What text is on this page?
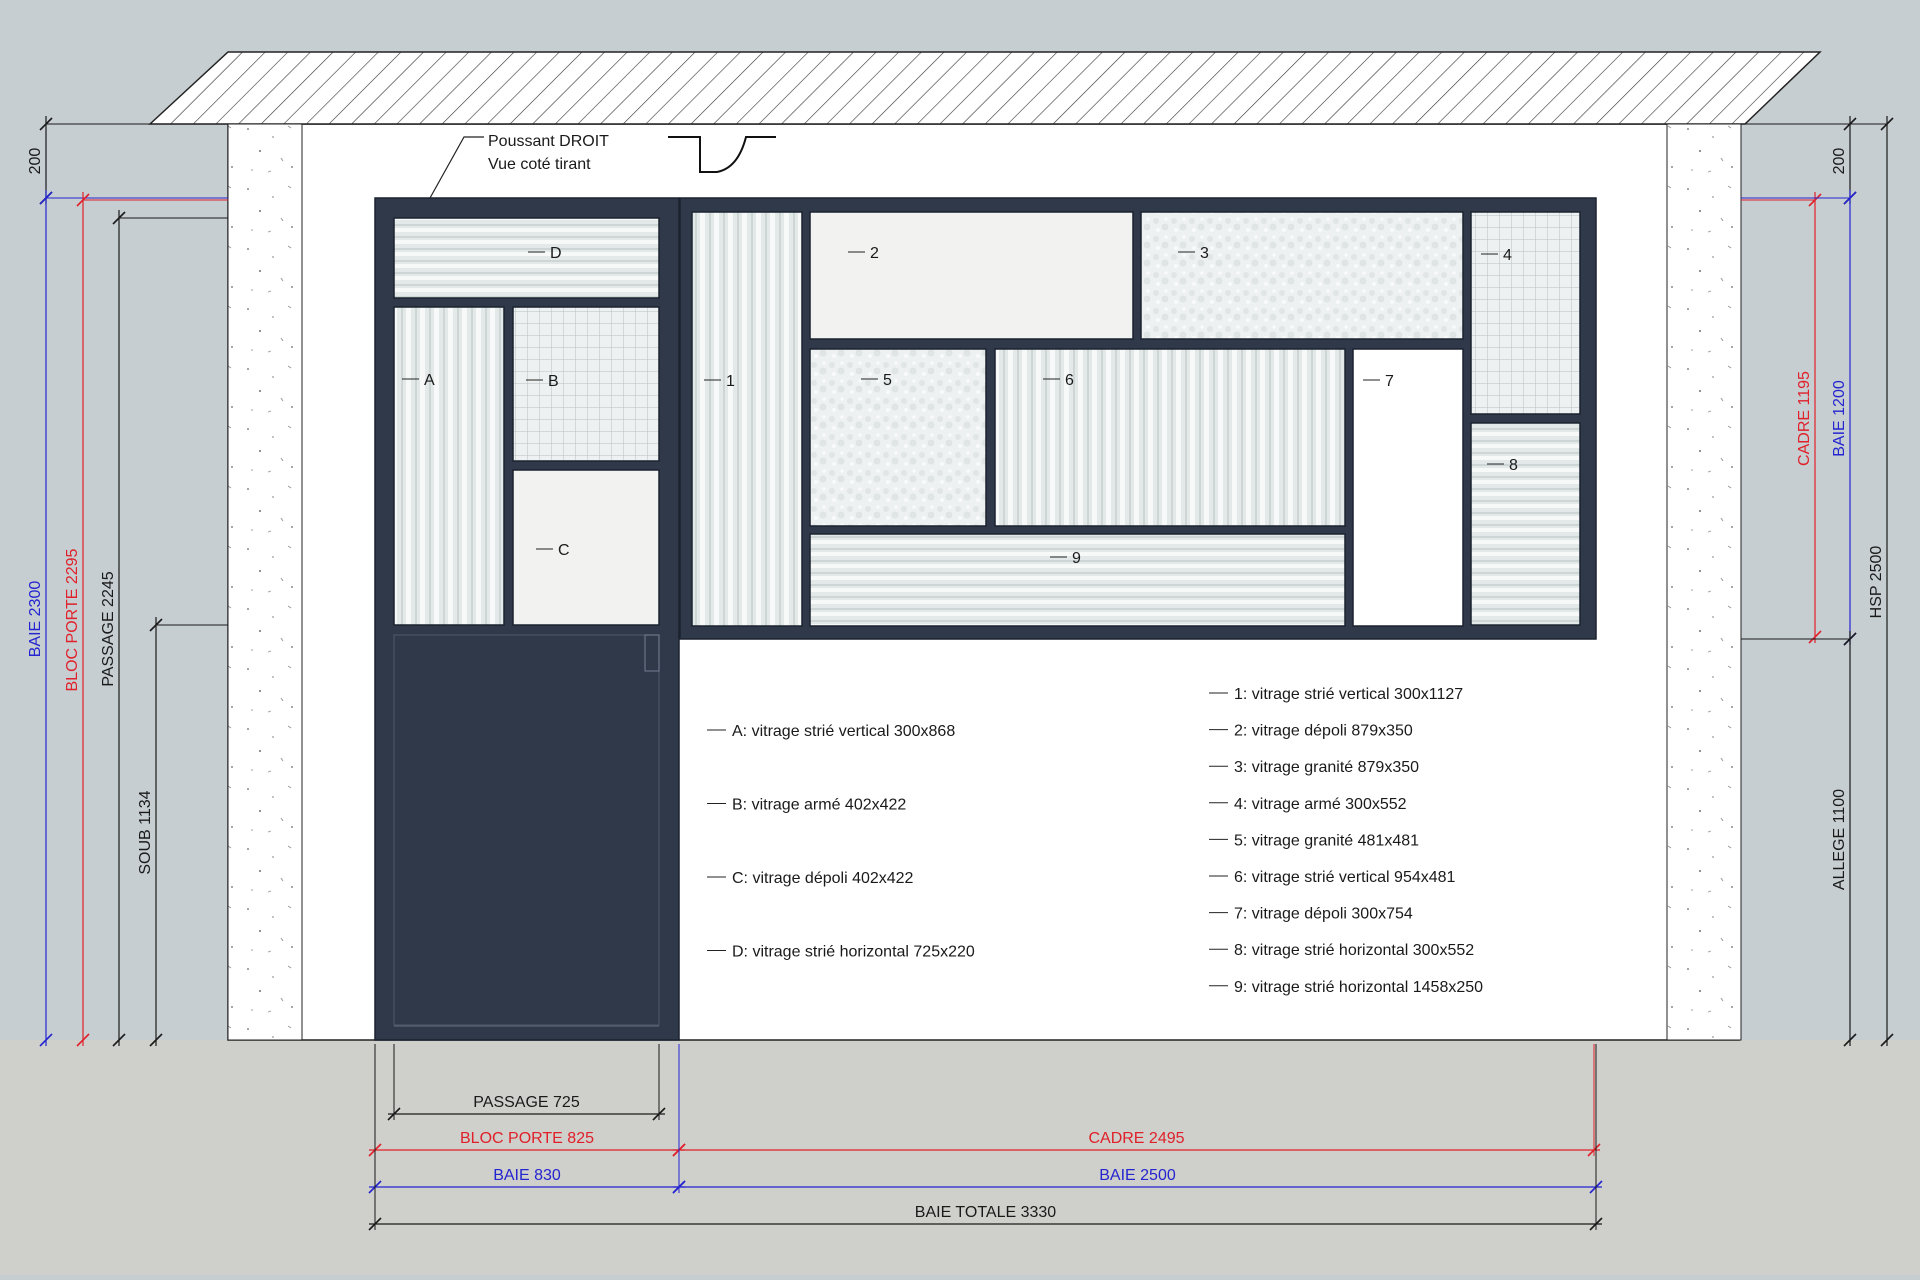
A	B
C
D
1
2	3	4
5	6	7
8
9
A: vitrage strié vertical 300x868
B: vitrage armé 402x422
C: vitrage dépoli 402x422
D: vitrage strié horizontal 725x220
1: vitrage strié vertical 300x1127
2: vitrage dépoli 879x350
3: vitrage granité 879x350
4: vitrage armé 300x552
5: vitrage granité 481x481
6: vitrage strié vertical 954x481
7: vitrage dépoli 300x754
8: vitrage strié horizontal 300x552
9: vitrage strié horizontal 1458x250
Poussant DROIT
Vue coté tirant
200
BAIE 2300 BLOC PORTE 2295 PASSAGE 2245
SOUB 1134
200
CADRE 1195 BAIE 1200
HSP 2500
ALLEGE 1100
PASSAGE 725
BLOC PORTE 825	CADRE 2495
BAIE 830	BAIE 2500
BAIE TOTALE 3330
